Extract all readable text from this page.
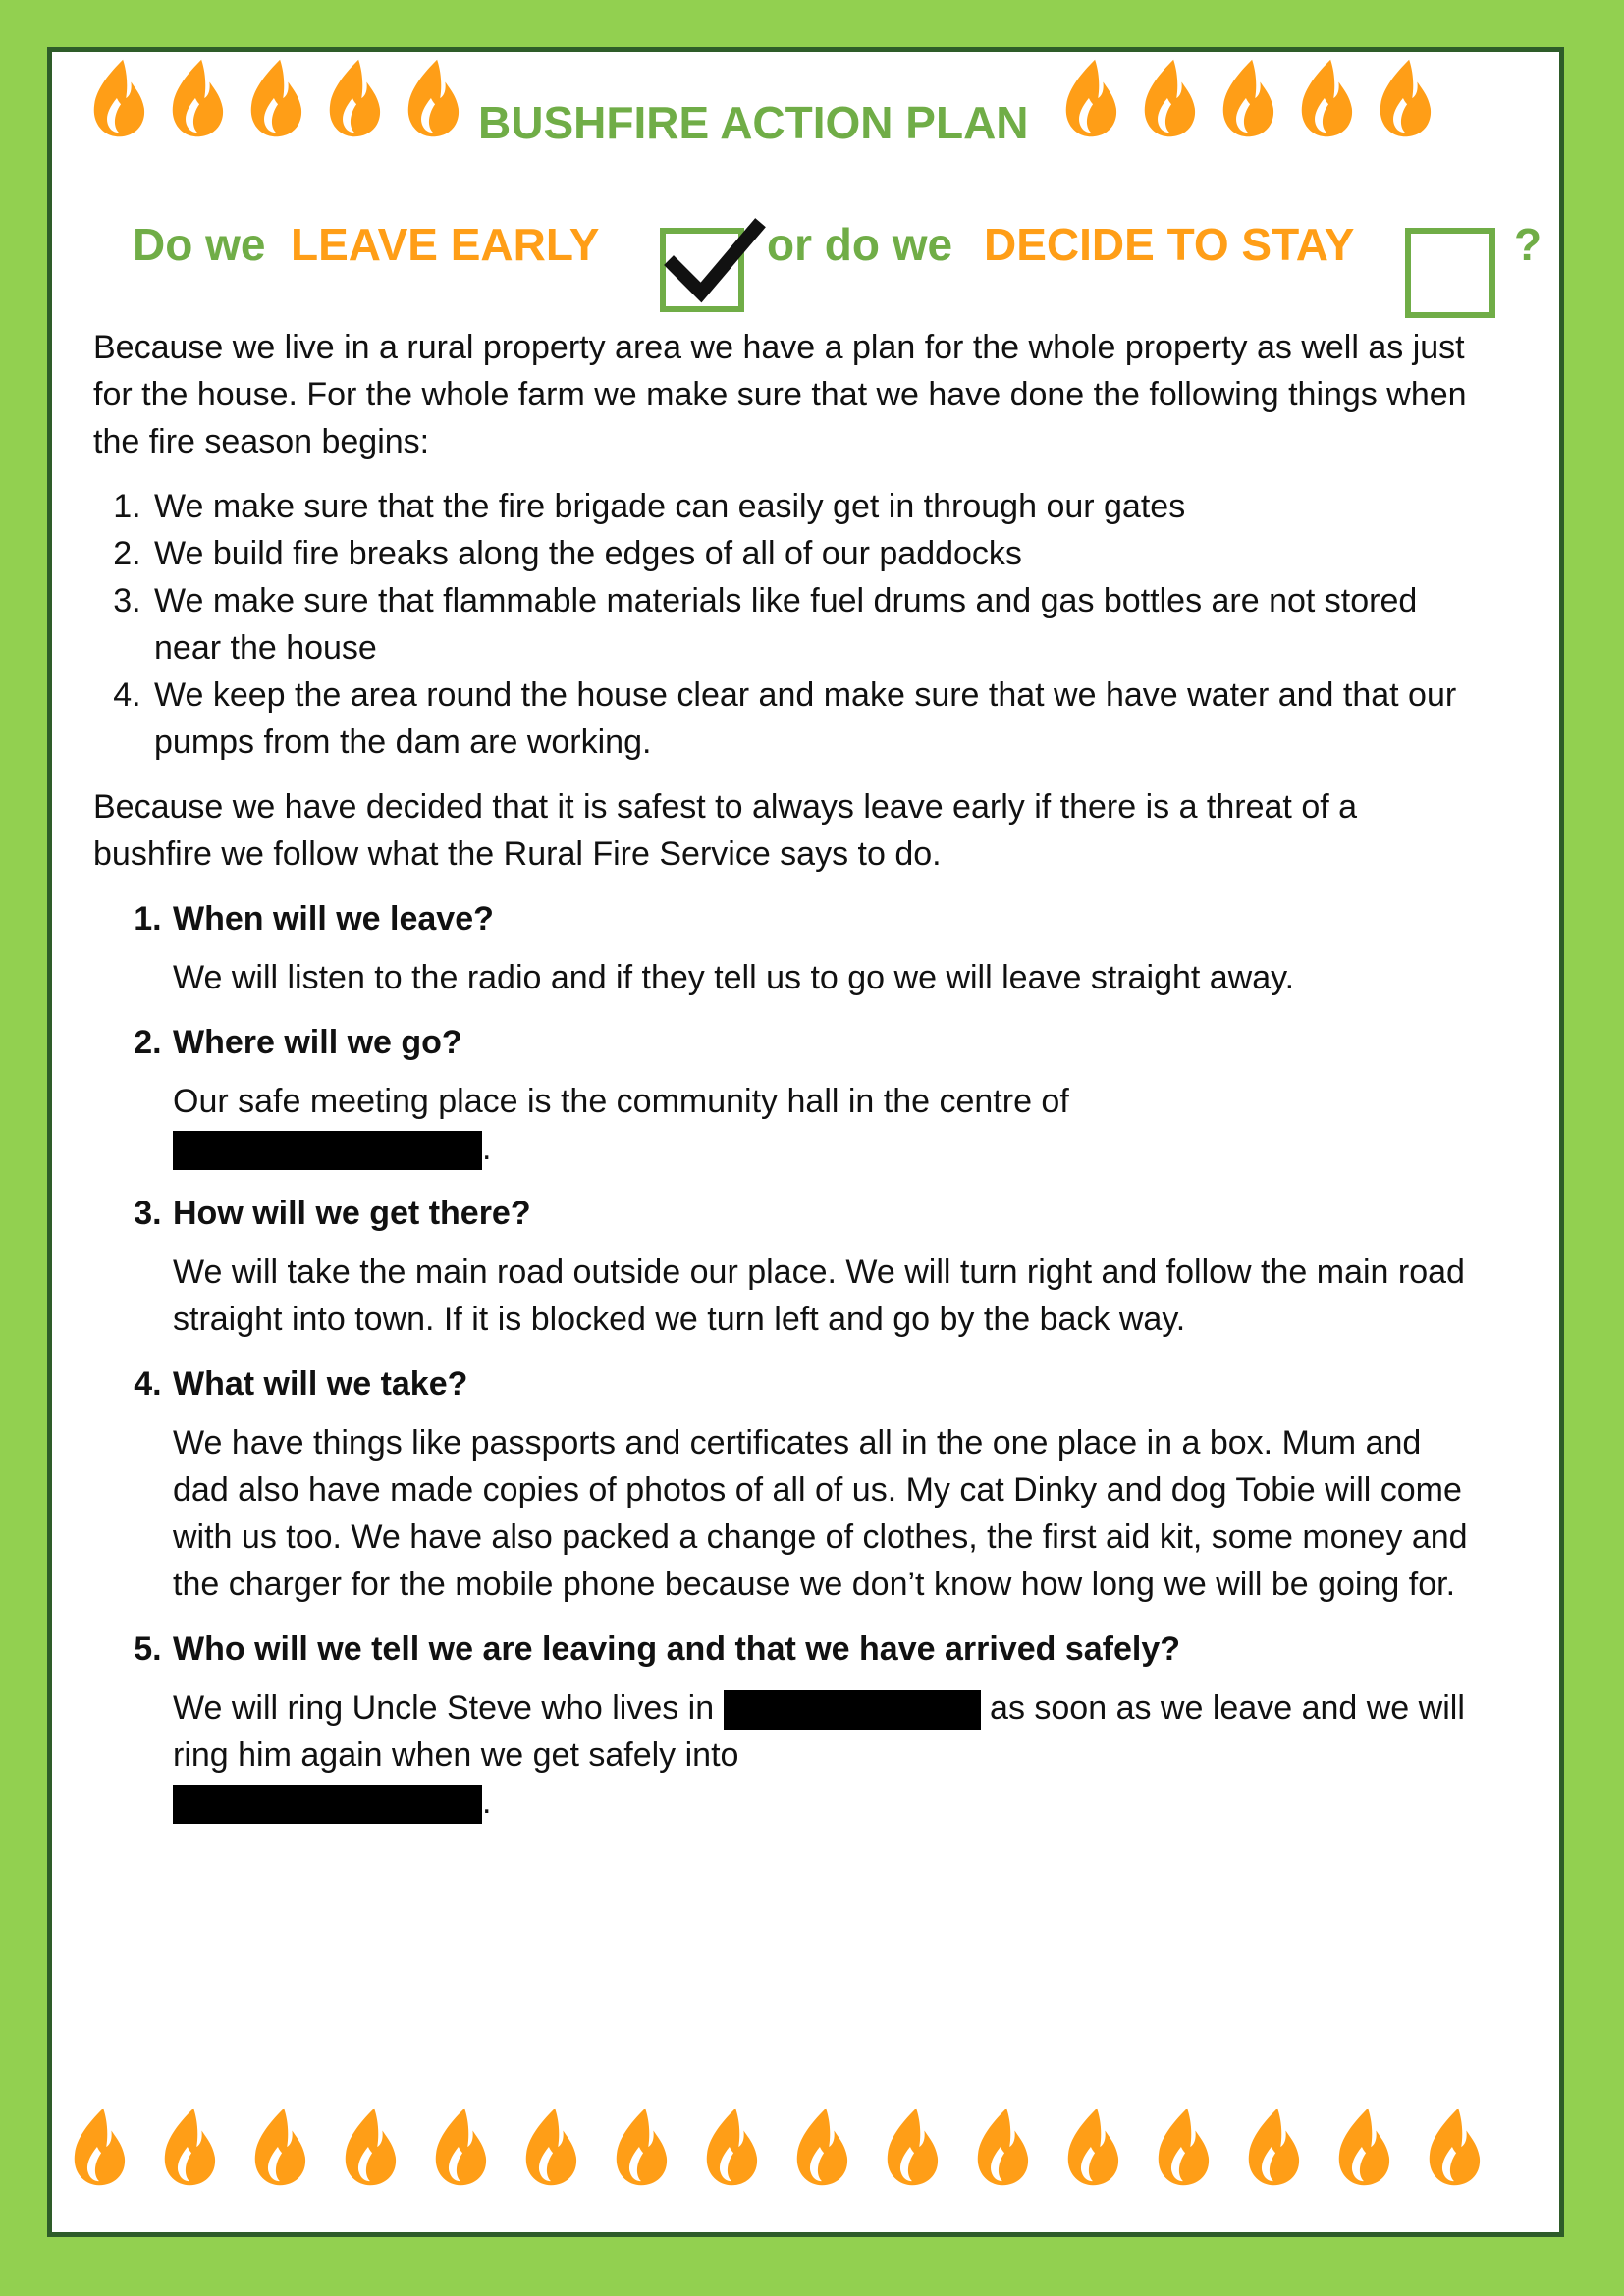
BUSHFIRE ACTION PLAN
Do we LEAVE EARLY	or do we DECIDE TO STAY	?

Because we live in a rural property area we have a plan for the whole property as well as just for the house. For the whole farm we make sure that we have done the following things when the fire season begins:

1. We make sure that the fire brigade can easily get in through our gates
2. We build fire breaks along the edges of all of our paddocks
3. We make sure that flammable materials like fuel drums and gas bottles are not stored near the house
4. We keep the area round the house clear and make sure that we have water and that our pumps from the dam are working.

Because we have decided that it is safest to always leave early if there is a threat of a bushfire we follow what the Rural Fire Service says to do.

1. When will we leave?
We will listen to the radio and if they tell us to go we will leave straight away.
2. Where will we go?
Our safe meeting place is the community hall in the centre of
.
3. How will we get there?
We will take the main road outside our place. We will turn right and follow the main road straight into town. If it is blocked we turn left and go by the back way.
4. What will we take?
We have things like passports and certificates all in the one place in a box. Mum and dad also have made copies of photos of all of us. My cat Dinky and dog Tobie will come with us too. We have also packed a change of clothes, the first aid kit, some money and the charger for the mobile phone because we don’t know how long we will be going for.
5. Who will we tell we are leaving and that we have arrived safely?
We will ring Uncle Steve who lives in	as soon as we leave and we will ring him again when we get safely into
.
